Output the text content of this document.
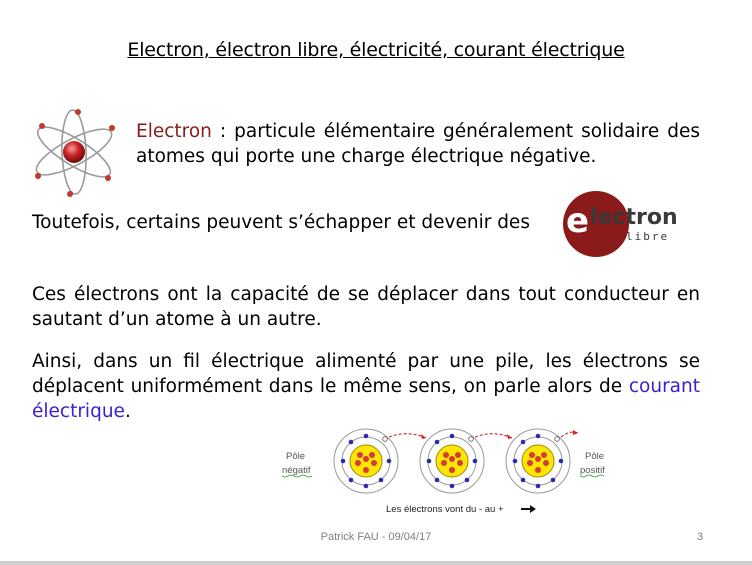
Electron, électron libre, électricité, courant électrique
Electron : particule élémentaire généralement solidaire des atomes qui porte une charge électrique négative.
Toutefois, certains peuvent s’échapper et devenir des e lectron
libre
Ces électrons ont la capacité de se déplacer dans tout conducteur en sautant d’un atome à un autre.
Ainsi, dans un fil électrique alimenté par une pile, les électrons se déplacent uniformément dans le même sens, on parle alors de courant électrique.
Pôle
négatif
Pôle
positif
Les électrons vont du - au +
Patrick FAU - 09/04/17	3
